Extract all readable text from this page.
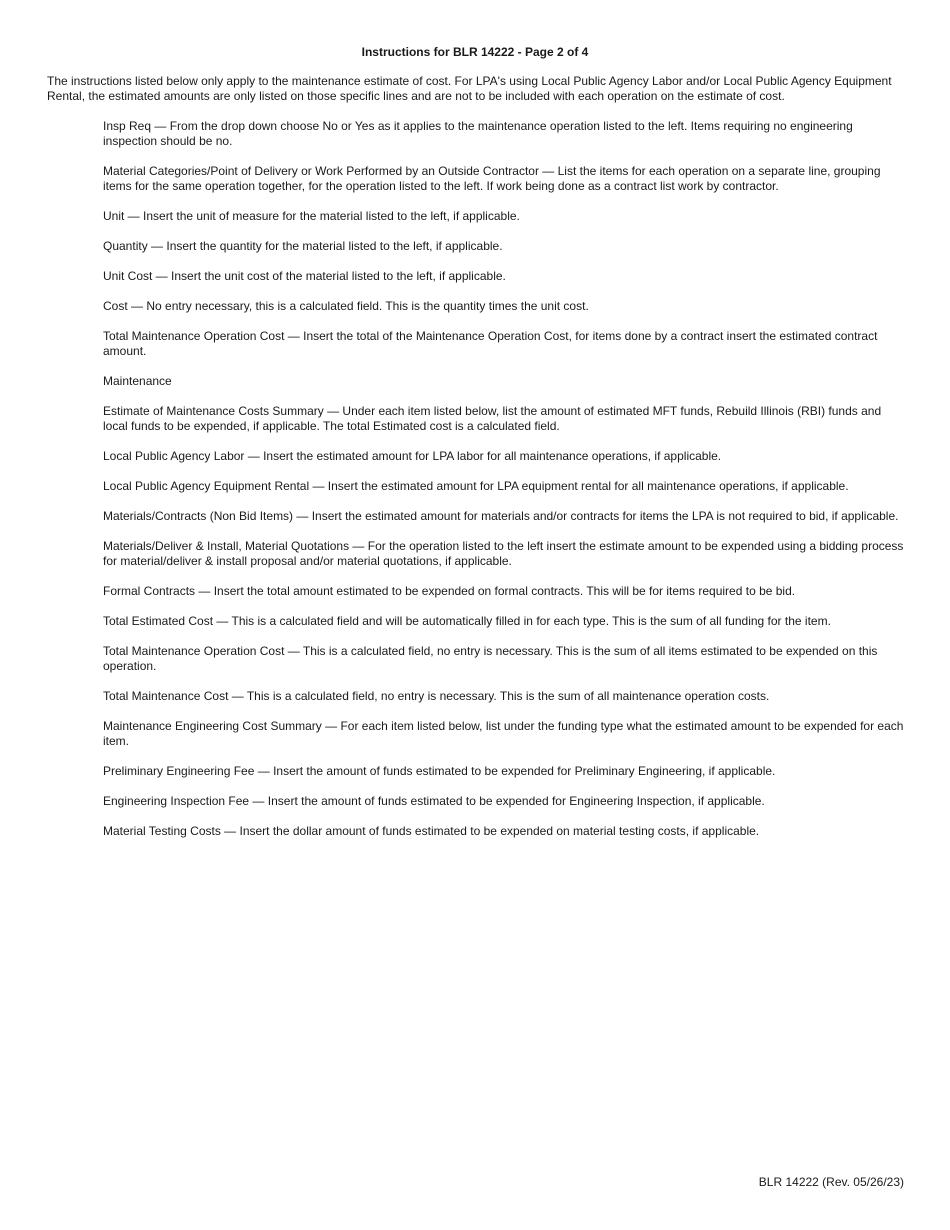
Instructions for BLR 14222 - Page 2 of 4

The instructions listed below only apply to the maintenance estimate of cost. For LPA's using Local Public Agency Labor and/or Local Public Agency Equipment Rental, the estimated amounts are only listed on those specific lines and are not to be included with each operation on the estimate of cost.

Insp Req — From the drop down choose No or Yes as it applies to the maintenance operation listed to the left. Items requiring no engineering inspection should be no.

Material Categories/Point of Delivery or Work Performed by an Outside Contractor — List the items for each operation on a separate line, grouping items for the same operation together, for the operation listed to the left. If work being done as a contract list work by contractor.

Unit — Insert the unit of measure for the material listed to the left, if applicable.

Quantity — Insert the quantity for the material listed to the left, if applicable.

Unit Cost — Insert the unit cost of the material listed to the left, if applicable.

Cost — No entry necessary, this is a calculated field. This is the quantity times the unit cost.

Total Maintenance Operation Cost — Insert the total of the Maintenance Operation Cost, for items done by a contract insert the estimated contract amount.

Maintenance

Estimate of Maintenance Costs Summary — Under each item listed below, list the amount of estimated MFT funds, Rebuild Illinois (RBI) funds and local funds to be expended, if applicable. The total Estimated cost is a calculated field.

Local Public Agency Labor — Insert the estimated amount for LPA labor for all maintenance operations, if applicable.

Local Public Agency Equipment Rental — Insert the estimated amount for LPA equipment rental for all maintenance operations, if applicable.

Materials/Contracts (Non Bid Items) — Insert the estimated amount for materials and/or contracts for items the LPA is not required to bid, if applicable.

Materials/Deliver & Install, Material Quotations — For the operation listed to the left insert the estimate amount to be expended using a bidding process for material/deliver & install proposal and/or material quotations, if applicable.

Formal Contracts — Insert the total amount estimated to be expended on formal contracts. This will be for items required to be bid.

Total Estimated Cost — This is a calculated field and will be automatically filled in for each type. This is the sum of all funding for the item.

Total Maintenance Operation Cost — This is a calculated field, no entry is necessary. This is the sum of all items estimated to be expended on this operation.

Total Maintenance Cost — This is a calculated field, no entry is necessary. This is the sum of all maintenance operation costs.

Maintenance Engineering Cost Summary — For each item listed below, list under the funding type what the estimated amount to be expended for each item.

Preliminary Engineering Fee — Insert the amount of funds estimated to be expended for Preliminary Engineering, if applicable.

Engineering Inspection Fee — Insert the amount of funds estimated to be expended for Engineering Inspection, if applicable.

Material Testing Costs — Insert the dollar amount of funds estimated to be expended on material testing costs, if applicable.

BLR 14222 (Rev. 05/26/23)
